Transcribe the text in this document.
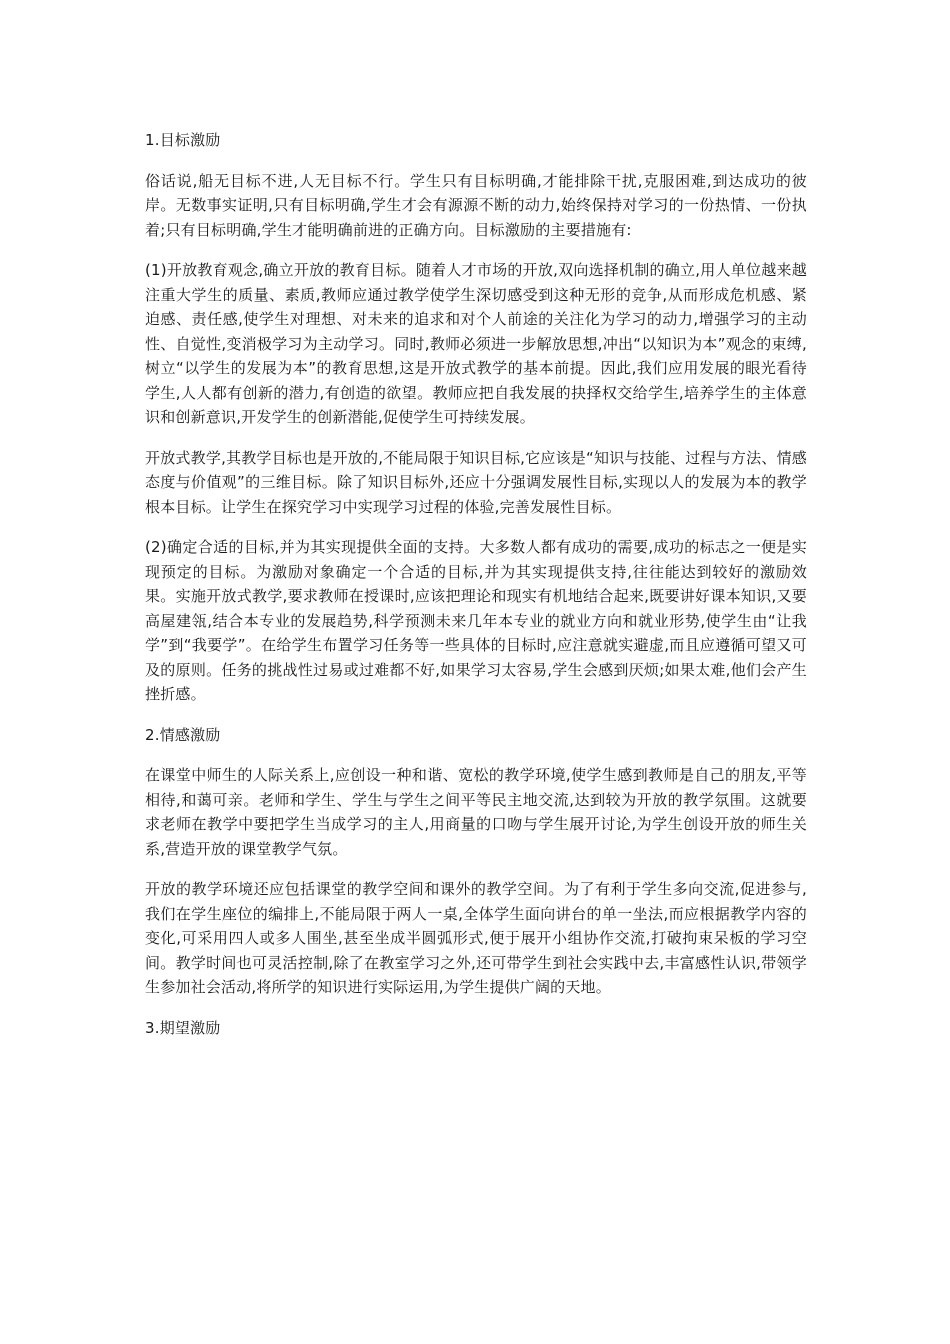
1.目标激励

俗话说,船无目标不进,人无目标不行。学生只有目标明确,才能排除干扰,克服困难,到达成功的彼岸。无数事实证明,只有目标明确,学生才会有源源不断的动力,始终保持对学习的一份热情、一份执着;只有目标明确,学生才能明确前进的正确方向。目标激励的主要措施有:

(1)开放教育观念,确立开放的教育目标。随着人才市场的开放,双向选择机制的确立,用人单位越来越注重大学生的质量、素质,教师应通过教学使学生深切感受到这种无形的竞争,从而形成危机感、紧迫感、责任感,使学生对理想、对未来的追求和对个人前途的关注化为学习的动力,增强学习的主动性、自觉性,变消极学习为主动学习。同时,教师必须进一步解放思想,冲出“以知识为本”观念的束缚,树立“以学生的发展为本”的教育思想,这是开放式教学的基本前提。因此,我们应用发展的眼光看待学生,人人都有创新的潜力,有创造的欲望。教师应把自我发展的抉择权交给学生,培养学生的主体意识和创新意识,开发学生的创新潜能,促使学生可持续发展。

开放式教学,其教学目标也是开放的,不能局限于知识目标,它应该是“知识与技能、过程与方法、情感态度与价值观”的三维目标。除了知识目标外,还应十分强调发展性目标,实现以人的发展为本的教学根本目标。让学生在探究学习中实现学习过程的体验,完善发展性目标。

(2)确定合适的目标,并为其实现提供全面的支持。大多数人都有成功的需要,成功的标志之一便是实现预定的目标。为激励对象确定一个合适的目标,并为其实现提供支持,往往能达到较好的激励效果。实施开放式教学,要求教师在授课时,应该把理论和现实有机地结合起来,既要讲好课本知识,又要高屋建瓴,结合本专业的发展趋势,科学预测未来几年本专业的就业方向和就业形势,使学生由“让我学”到“我要学”。在给学生布置学习任务等一些具体的目标时,应注意就实避虚,而且应遵循可望又可及的原则。任务的挑战性过易或过难都不好,如果学习太容易,学生会感到厌烦;如果太难,他们会产生挫折感。

2.情感激励

在课堂中师生的人际关系上,应创设一种和谐、宽松的教学环境,使学生感到教师是自己的朋友,平等相待,和蔼可亲。老师和学生、学生与学生之间平等民主地交流,达到较为开放的教学氛围。这就要求老师在教学中要把学生当成学习的主人,用商量的口吻与学生展开讨论,为学生创设开放的师生关系,营造开放的课堂教学气氛。

开放的教学环境还应包括课堂的教学空间和课外的教学空间。为了有利于学生多向交流,促进参与,我们在学生座位的编排上,不能局限于两人一桌,全体学生面向讲台的单一坐法,而应根据教学内容的变化,可采用四人或多人围坐,甚至坐成半圆弧形式,便于展开小组协作交流,打破拘束呆板的学习空间。教学时间也可灵活控制,除了在教室学习之外,还可带学生到社会实践中去,丰富感性认识,带领学生参加社会活动,将所学的知识进行实际运用,为学生提供广阔的天地。

3.期望激励
